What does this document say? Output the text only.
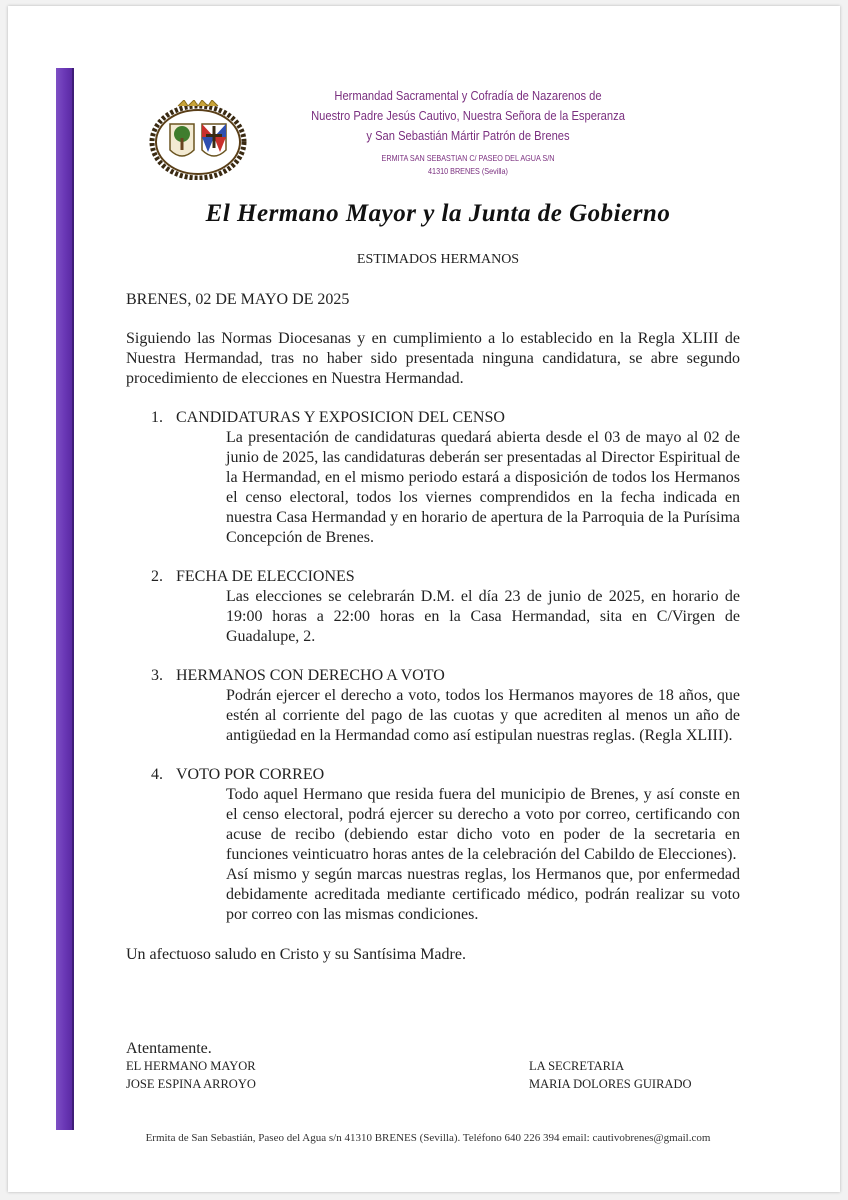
Hermandad Sacramental y Cofradía de Nazarenos de
Nuestro Padre Jesús Cautivo, Nuestra Señora de la Esperanza
y San Sebastián Mártir Patrón de Brenes
ERMITA SAN SEBASTIAN C/ PASEO DEL AGUA S/N
41310 BRENES (Sevilla)
El Hermano Mayor y la Junta de Gobierno
ESTIMADOS HERMANOS
BRENES, 02 DE MAYO DE 2025

Siguiendo las Normas Diocesanas y en cumplimiento a lo establecido en la Regla XLIII de Nuestra Hermandad, tras no haber sido presentada ninguna candidatura, se abre segundo procedimiento de elecciones en Nuestra Hermandad.

1. CANDIDATURAS Y EXPOSICION DEL CENSO

La presentación de candidaturas quedará abierta desde el 03 de mayo al 02 de junio de 2025, las candidaturas deberán ser presentadas al Director Espiritual de la Hermandad, en el mismo periodo estará a disposición de todos los Hermanos el censo electoral, todos los viernes comprendidos en la fecha indicada en nuestra Casa Hermandad y en horario de apertura de la Parroquia de la Purísima Concepción de Brenes.

2. FECHA DE ELECCIONES

Las elecciones se celebrarán D.M. el día 23 de junio de 2025, en horario de 19:00 horas a 22:00 horas en la Casa Hermandad, sita en C/Virgen de Guadalupe, 2.

3. HERMANOS CON DERECHO A VOTO

Podrán ejercer el derecho a voto, todos los Hermanos mayores de 18 años, que estén al corriente del pago de las cuotas y que acrediten al menos un año de antigüedad en la Hermandad como así estipulan nuestras reglas. (Regla XLIII).

4. VOTO POR CORREO

Todo aquel Hermano que resida fuera del municipio de Brenes, y así conste en el censo electoral, podrá ejercer su derecho a voto por correo, certificando con acuse de recibo (debiendo estar dicho voto en poder de la secretaria en funciones veinticuatro horas antes de la celebración del Cabildo de Elecciones).

Así mismo y según marcas nuestras reglas, los Hermanos que, por enfermedad debidamente acreditada mediante certificado médico, podrán realizar su voto por correo con las mismas condiciones.

Un afectuoso saludo en Cristo y su Santísima Madre.
Atentamente.
EL HERMANO MAYOR
JOSE ESPINA ARROYO
LA SECRETARIA
MARIA DOLORES GUIRADO
Ermita de San Sebastián, Paseo del Agua s/n 41310 BRENES (Sevilla). Teléfono 640 226 394 email: cautivobrenes@gmail.com
